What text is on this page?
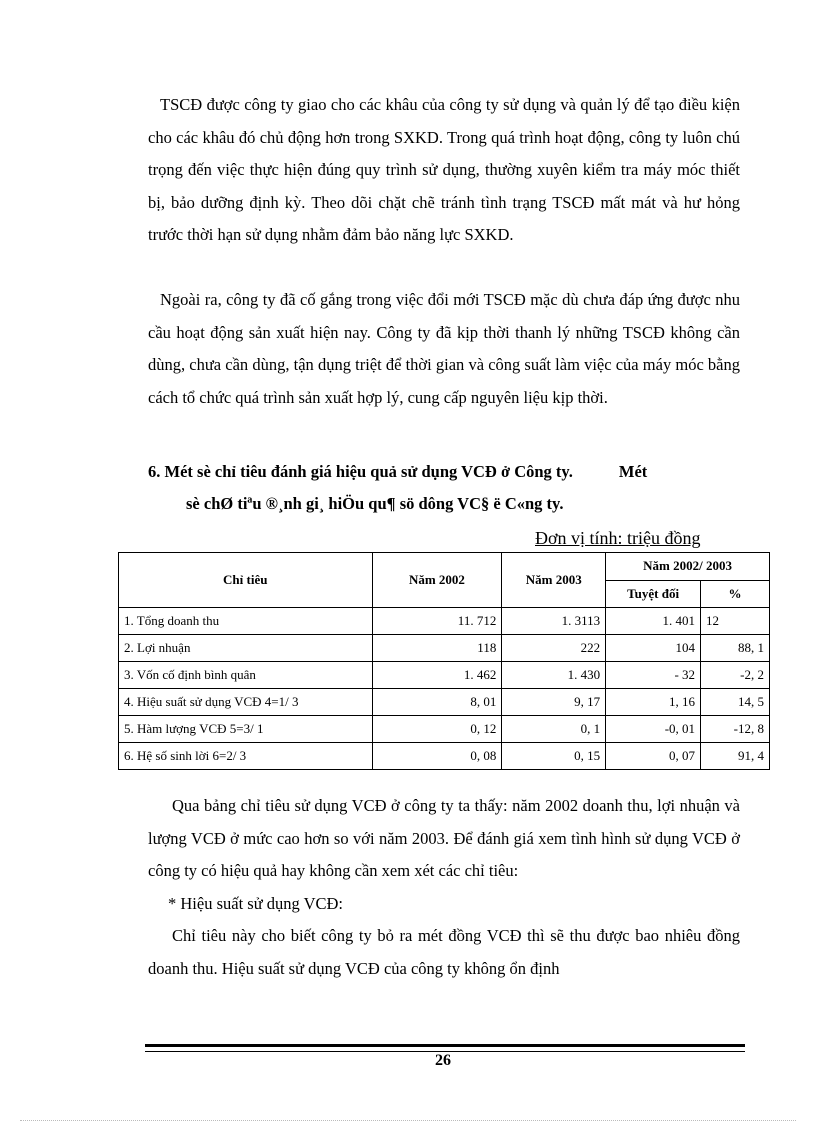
TSCĐ được công ty giao cho các khâu của công ty sử dụng và quản lý để tạo điều kiện cho các khâu đó chủ động hơn trong SXKD. Trong quá trình hoạt động, công ty luôn chú trọng đến việc thực hiện đúng quy trình sử dụng, thường xuyên kiểm tra máy móc thiết bị, bảo dưỡng định kỳ. Theo dõi chặt chẽ tránh tình trạng TSCĐ mất mát và hư hỏng trước thời hạn sử dụng nhằm đảm bảo năng lực SXKD.

Ngoài ra, công ty đã cố gắng trong việc đổi mới TSCĐ mặc dù chưa đáp ứng được nhu cầu hoạt động sản xuất hiện nay. Công ty đã kịp thời thanh lý những TSCĐ không cần dùng, chưa cần dùng, tận dụng triệt để thời gian và công suất làm việc của máy móc bằng cách tổ chức quá trình sản xuất hợp lý, cung cấp nguyên liệu kịp thời.

6. Mét sè chỉ tiêu đánh giá hiệu quả sử dụng VCĐ ở Công ty.	Mét
sè chØ tiªu ®¸nh gi¸ hiÖu qu¶ sö dông VC§ ë C«ng ty.
Đơn vị tính: triệu đồng
Chỉ tiêu	Năm 2002	Năm 2003	Năm 2002/ 2003	
			Tuyệt đối	%
1. Tổng doanh thu	11. 712	1. 3113	1. 401	12
2. Lợi nhuận	118	222	104	88, 1
3. Vốn cố định bình quân	1. 462	1. 430	- 32	-2, 2
4. Hiệu suất sử dụng VCĐ 4=1/ 3	8, 01	9, 17	1, 16	14, 5
5. Hàm lượng VCĐ 5=3/ 1	0, 12	0, 1	-0, 01	-12, 8
6. Hệ số sinh lời 6=2/ 3	0, 08	0, 15	0, 07	91, 4

Qua bảng chỉ tiêu sử dụng VCĐ ở công ty ta thấy: năm 2002 doanh thu, lợi nhuận và lượng VCĐ ở mức cao hơn so với năm 2003. Để đánh giá xem tình hình sử dụng VCĐ ở công ty có hiệu quả hay không cần xem xét các chỉ tiêu:

* Hiệu suất sử dụng VCĐ:

Chỉ tiêu này cho biết công ty bỏ ra mét đồng VCĐ thì sẽ thu được bao nhiêu đồng doanh thu. Hiệu suất sử dụng VCĐ của công ty không ổn định

26
